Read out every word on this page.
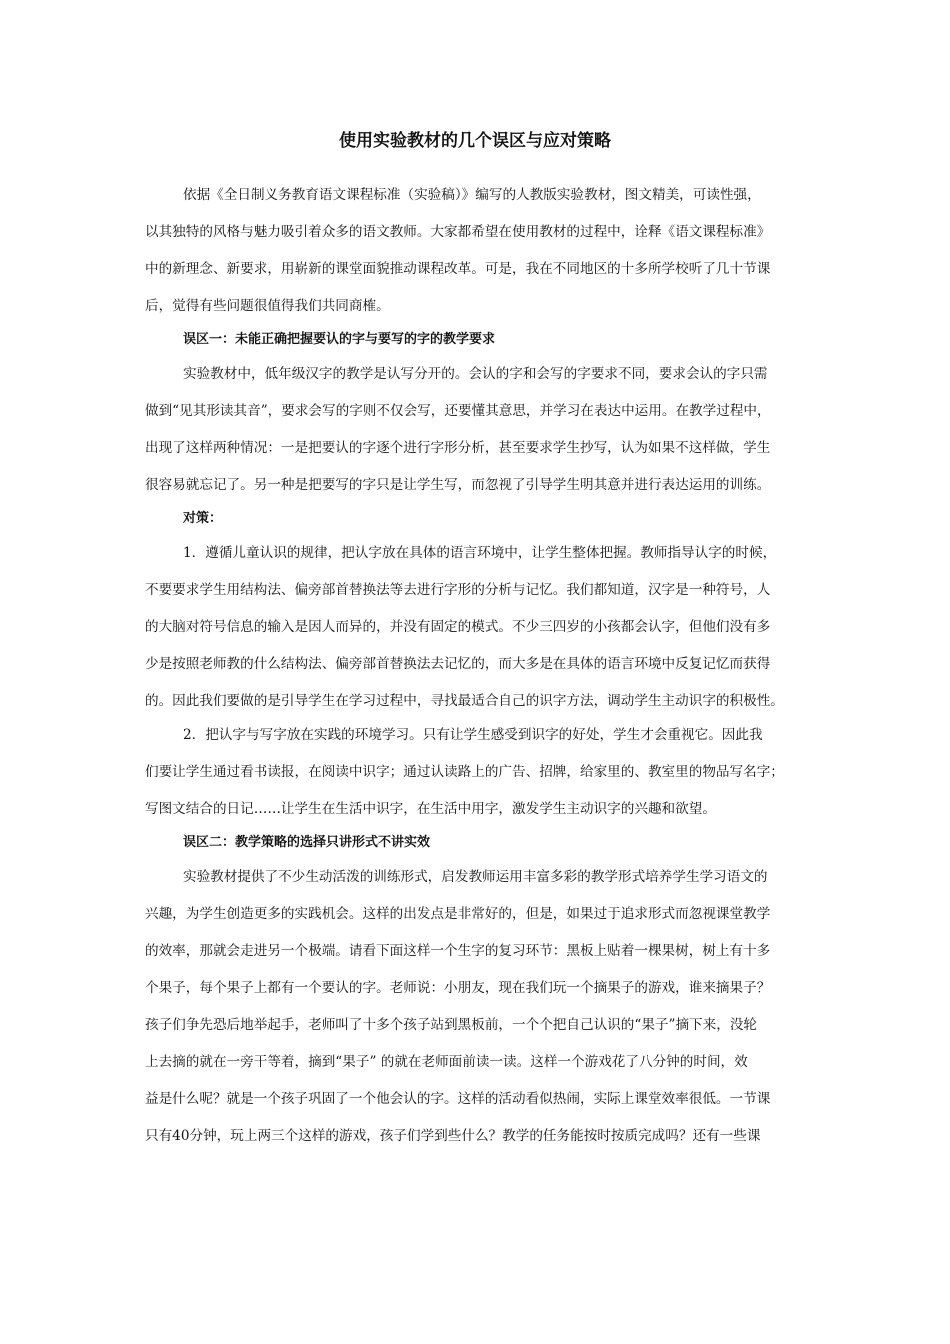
使用实验教材的几个误区与应对策略

依据《全日制义务教育语文课程标准（实验稿）》编写的人教版实验教材，图文精美，可读性强，

以其独特的风格与魅力吸引着众多的语文教师。大家都希望在使用教材的过程中，诠释《语文课程标准》

中的新理念、新要求，用崭新的课堂面貌推动课程改革。可是，我在不同地区的十多所学校听了几十节课

后，觉得有些问题很值得我们共同商榷。

误区一：未能正确把握要认的字与要写的字的教学要求

实验教材中，低年级汉字的教学是认写分开的。会认的字和会写的字要求不同，要求会认的字只需

做到“见其形读其音”，要求会写的字则不仅会写，还要懂其意思，并学习在表达中运用。在教学过程中，

出现了这样两种情况：一是把要认的字逐个进行字形分析，甚至要求学生抄写，认为如果不这样做，学生

很容易就忘记了。另一种是把要写的字只是让学生写，而忽视了引导学生明其意并进行表达运用的训练。

对策：

1．遵循儿童认识的规律，把认字放在具体的语言环境中，让学生整体把握。教师指导认字的时候，

不要要求学生用结构法、偏旁部首替换法等去进行字形的分析与记忆。我们都知道，汉字是一种符号，人

的大脑对符号信息的输入是因人而异的，并没有固定的模式。不少三四岁的小孩都会认字，但他们没有多

少是按照老师教的什么结构法、偏旁部首替换法去记忆的，而大多是在具体的语言环境中反复记忆而获得

的。因此我们要做的是引导学生在学习过程中，寻找最适合自己的识字方法，调动学生主动识字的积极性。

2．把认字与写字放在实践的环境学习。只有让学生感受到识字的好处，学生才会重视它。因此我

们要让学生通过看书读报，在阅读中识字；通过认读路上的广告、招牌，给家里的、教室里的物品写名字；

写图文结合的日记……让学生在生活中识字，在生活中用字，激发学生主动识字的兴趣和欲望。

误区二：教学策略的选择只讲形式不讲实效

实验教材提供了不少生动活泼的训练形式，启发教师运用丰富多彩的教学形式培养学生学习语文的

兴趣，为学生创造更多的实践机会。这样的出发点是非常好的，但是，如果过于追求形式而忽视课堂教学

的效率，那就会走进另一个极端。请看下面这样一个生字的复习环节：黑板上贴着一棵果树，树上有十多

个果子，每个果子上都有一个要认的字。老师说：小朋友，现在我们玩一个摘果子的游戏，谁来摘果子？

孩子们争先恐后地举起手，老师叫了十多个孩子站到黑板前，一个个把自己认识的“果子”摘下来，没轮

上去摘的就在一旁干等着，摘到“果子” 的就在老师面前读一读。这样一个游戏花了八分钟的时间，效

益是什么呢？就是一个孩子巩固了一个他会认的字。这样的活动看似热闹，实际上课堂效率很低。一节课

只有40分钟，玩上两三个这样的游戏，孩子们学到些什么？教学的任务能按时按质完成吗？还有一些课
